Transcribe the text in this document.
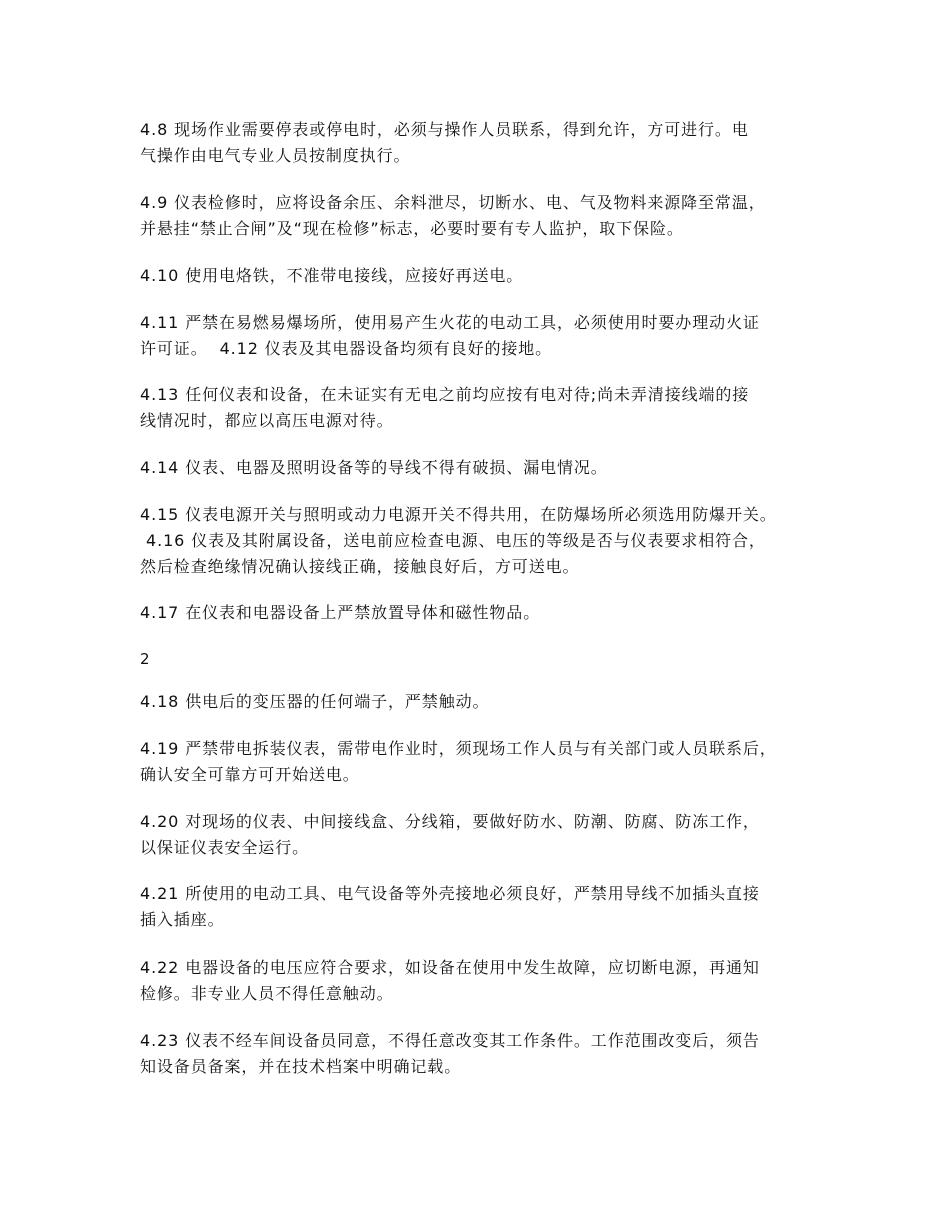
4.8 现场作业需要停表或停电时，必须与操作人员联系，得到允许，方可进行。电
气操作由电气专业人员按制度执行。
4.9 仪表检修时，应将设备余压、余料泄尽，切断水、电、气及物料来源降至常温，
并悬挂“禁止合闸”及“现在检修”标志，必要时要有专人监护，取下保险。
4.10 使用电烙铁，不准带电接线，应接好再送电。
4.11 严禁在易燃易爆场所，使用易产生火花的电动工具，必须使用时要办理动火证
许可证。  4.12 仪表及其电器设备均须有良好的接地。
4.13 任何仪表和设备，在未证实有无电之前均应按有电对待;尚未弄清接线端的接
线情况时，都应以高压电源对待。
4.14 仪表、电器及照明设备等的导线不得有破损、漏电情况。
4.15 仪表电源开关与照明或动力电源开关不得共用，在防爆场所必须选用防爆开关。
4.16 仪表及其附属设备，送电前应检查电源、电压的等级是否与仪表要求相符合，
然后检查绝缘情况确认接线正确，接触良好后，方可送电。
4.17 在仪表和电器设备上严禁放置导体和磁性物品。
2
4.18 供电后的变压器的任何端子，严禁触动。
4.19 严禁带电拆装仪表，需带电作业时，须现场工作人员与有关部门或人员联系后，
确认安全可靠方可开始送电。
4.20 对现场的仪表、中间接线盒、分线箱，要做好防水、防潮、防腐、防冻工作，
以保证仪表安全运行。
4.21 所使用的电动工具、电气设备等外壳接地必须良好，严禁用导线不加插头直接
插入插座。
4.22 电器设备的电压应符合要求，如设备在使用中发生故障，应切断电源，再通知
检修。非专业人员不得任意触动。
4.23 仪表不经车间设备员同意，不得任意改变其工作条件。工作范围改变后，须告
知设备员备案，并在技术档案中明确记载。
